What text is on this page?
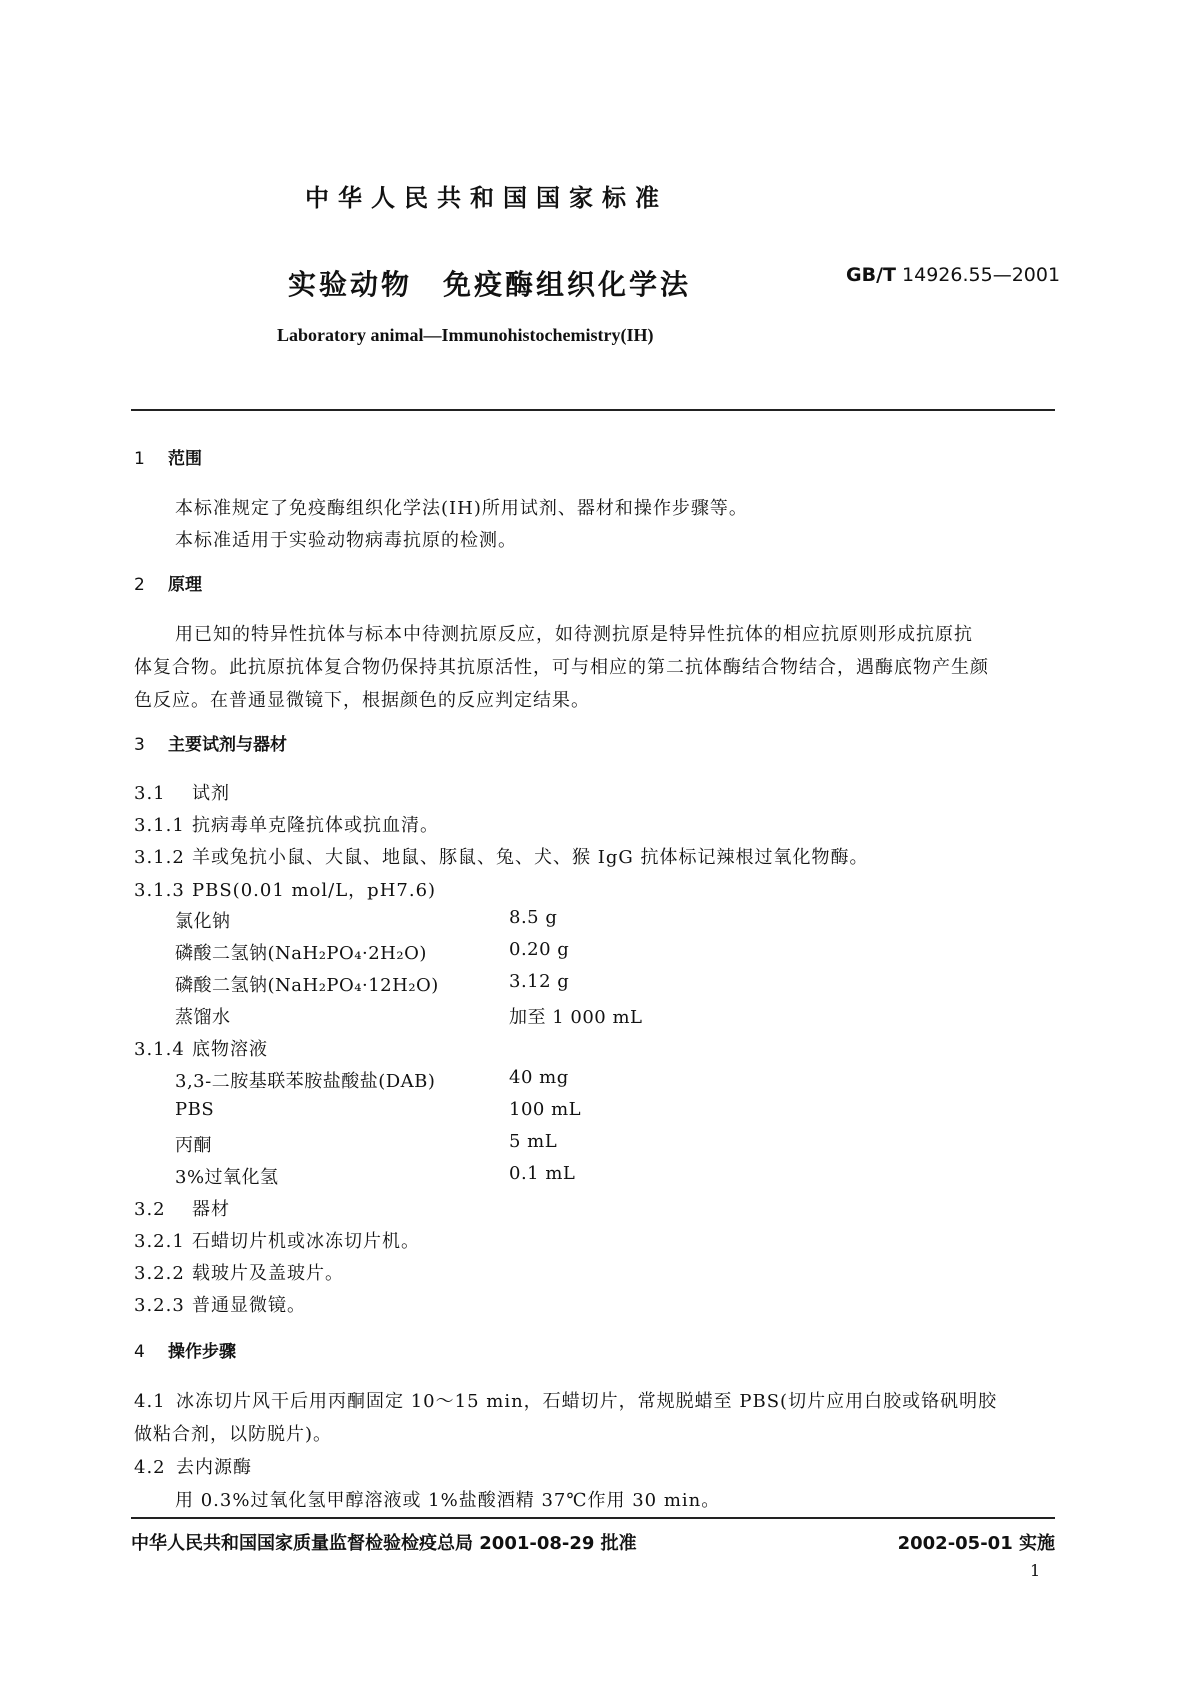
中华人民共和国国家标准
实验动物　免疫酶组织化学法	GB/T 14926.55—2001
Laboratory animal—Immunohistochemistry(IH)
1 范围
本标准规定了免疫酶组织化学法(IH)所用试剂、器材和操作步骤等。
本标准适用于实验动物病毒抗原的检测。
2 原理
用已知的特异性抗体与标本中待测抗原反应，如待测抗原是特异性抗体的相应抗原则形成抗原抗
体复合物。此抗原抗体复合物仍保持其抗原活性，可与相应的第二抗体酶结合物结合，遇酶底物产生颜
色反应。在普通显微镜下，根据颜色的反应判定结果。
3 主要试剂与器材
3.1 试剂
3.1.1 抗病毒单克隆抗体或抗血清。
3.1.2 羊或兔抗小鼠、大鼠、地鼠、豚鼠、兔、犬、猴 IgG 抗体标记辣根过氧化物酶。
3.1.3 PBS(0.01 mol/L，pH7.6)
氯化钠	8.5 g
磷酸二氢钠(NaH₂PO₄·2H₂O)	0.20 g
磷酸二氢钠(NaH₂PO₄·12H₂O)	3.12 g
蒸馏水	加至 1 000 mL
3.1.4 底物溶液
3,3-二胺基联苯胺盐酸盐(DAB)	40 mg
PBS	100 mL
丙酮	5 mL
3%过氧化氢	0.1 mL
3.2 器材
3.2.1 石蜡切片机或冰冻切片机。
3.2.2 载玻片及盖玻片。
3.2.3 普通显微镜。
4 操作步骤
4.1 冰冻切片风干后用丙酮固定 10～15 min，石蜡切片，常规脱蜡至 PBS(切片应用白胶或铬矾明胶
做粘合剂，以防脱片)。
4.2 去内源酶
用 0.3%过氧化氢甲醇溶液或 1%盐酸酒精 37℃作用 30 min。
中华人民共和国国家质量监督检验检疫总局 2001-08-29 批准	2002-05-01 实施
1
